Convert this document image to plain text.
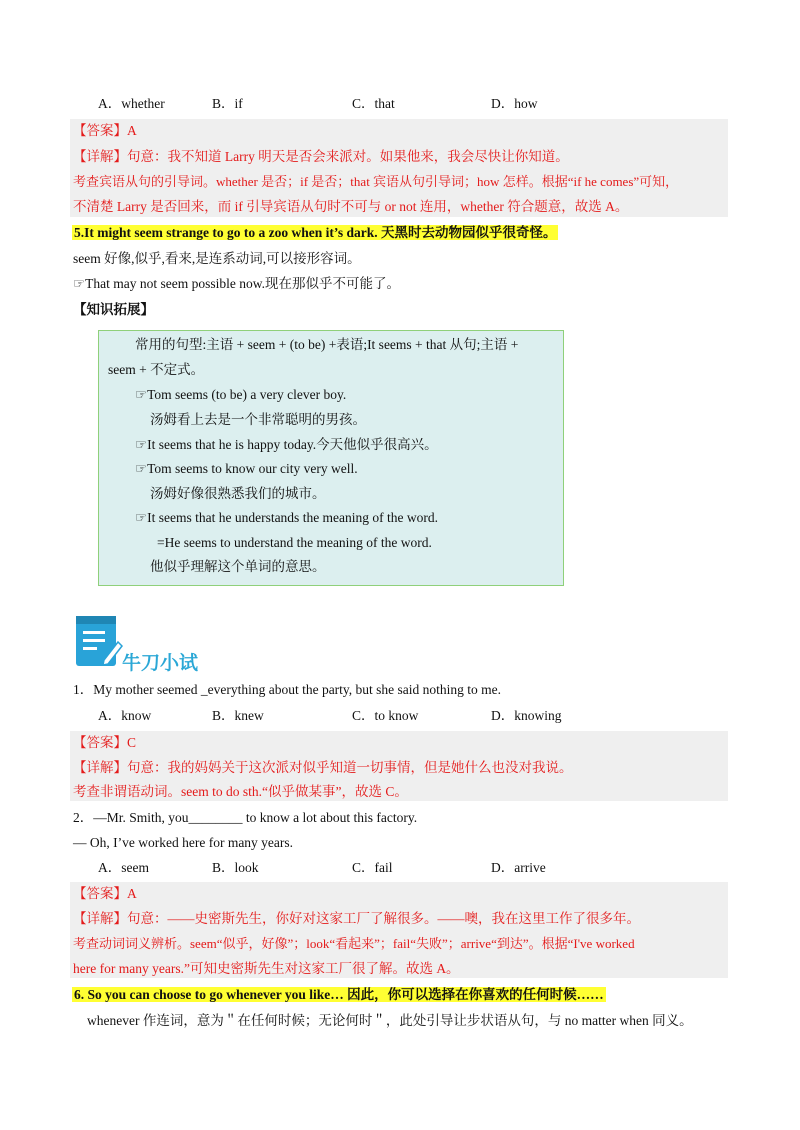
A．whether	B．if	C．that	D．how
【答案】A
【详解】句意：我不知道 Larry 明天是否会来派对。如果他来，我会尽快让你知道。
考查宾语从句的引导词。whether 是否；if 是否；that 宾语从句引导词；how 怎样。根据“if he comes”可知，
不清楚 Larry 是否回来，而 if 引导宾语从句时不可与 or not 连用，whether 符合题意，故选 A。
5.It might seem strange to go to a zoo when it’s dark. 天黑时去动物园似乎很奇怪。
seem 好像,似乎,看来,是连系动词,可以接形容词。
☞That may not seem possible now.现在那似乎不可能了。
【知识拓展】
常用的句型:主语 + seem + (to be) +表语;It seems + that 从句;主语 +
seem + 不定式。
☞Tom seems (to be) a very clever boy.
汤姆看上去是一个非常聪明的男孩。
☞It seems that he is happy today.今天他似乎很高兴。
☞Tom seems to know our city very well.
汤姆好像很熟悉我们的城市。
☞It seems that he understands the meaning of the word.
=He seems to understand the meaning of the word.
他似乎理解这个单词的意思。
牛刀小试
1．My mother seemed _everything about the party, but she said nothing to me.
A．know	B．knew	C．to know	D．knowing
【答案】C
【详解】句意：我的妈妈关于这次派对似乎知道一切事情，但是她什么也没对我说。
考查非谓语动词。seem to do sth.“似乎做某事”，故选 C。
2．—Mr. Smith, you________ to know a lot about this factory.
— Oh, I’ve worked here for many years.
A．seem	B．look	C．fail	D．arrive
【答案】A
【详解】句意：——史密斯先生，你好对这家工厂了解很多。——噢，我在这里工作了很多年。
考查动词词义辨析。seem“似乎，好像”；look“看起来”；fail“失败”；arrive“到达”。根据“I've worked
here for many years.”可知史密斯先生对这家工厂很了解。故选 A。
6. So you can choose to go whenever you like… 因此，你可以选择在你喜欢的任何时候……
whenever 作连词，意为＂在任何时候；无论何时＂，此处引导让步状语从句，与 no matter when 同义。
